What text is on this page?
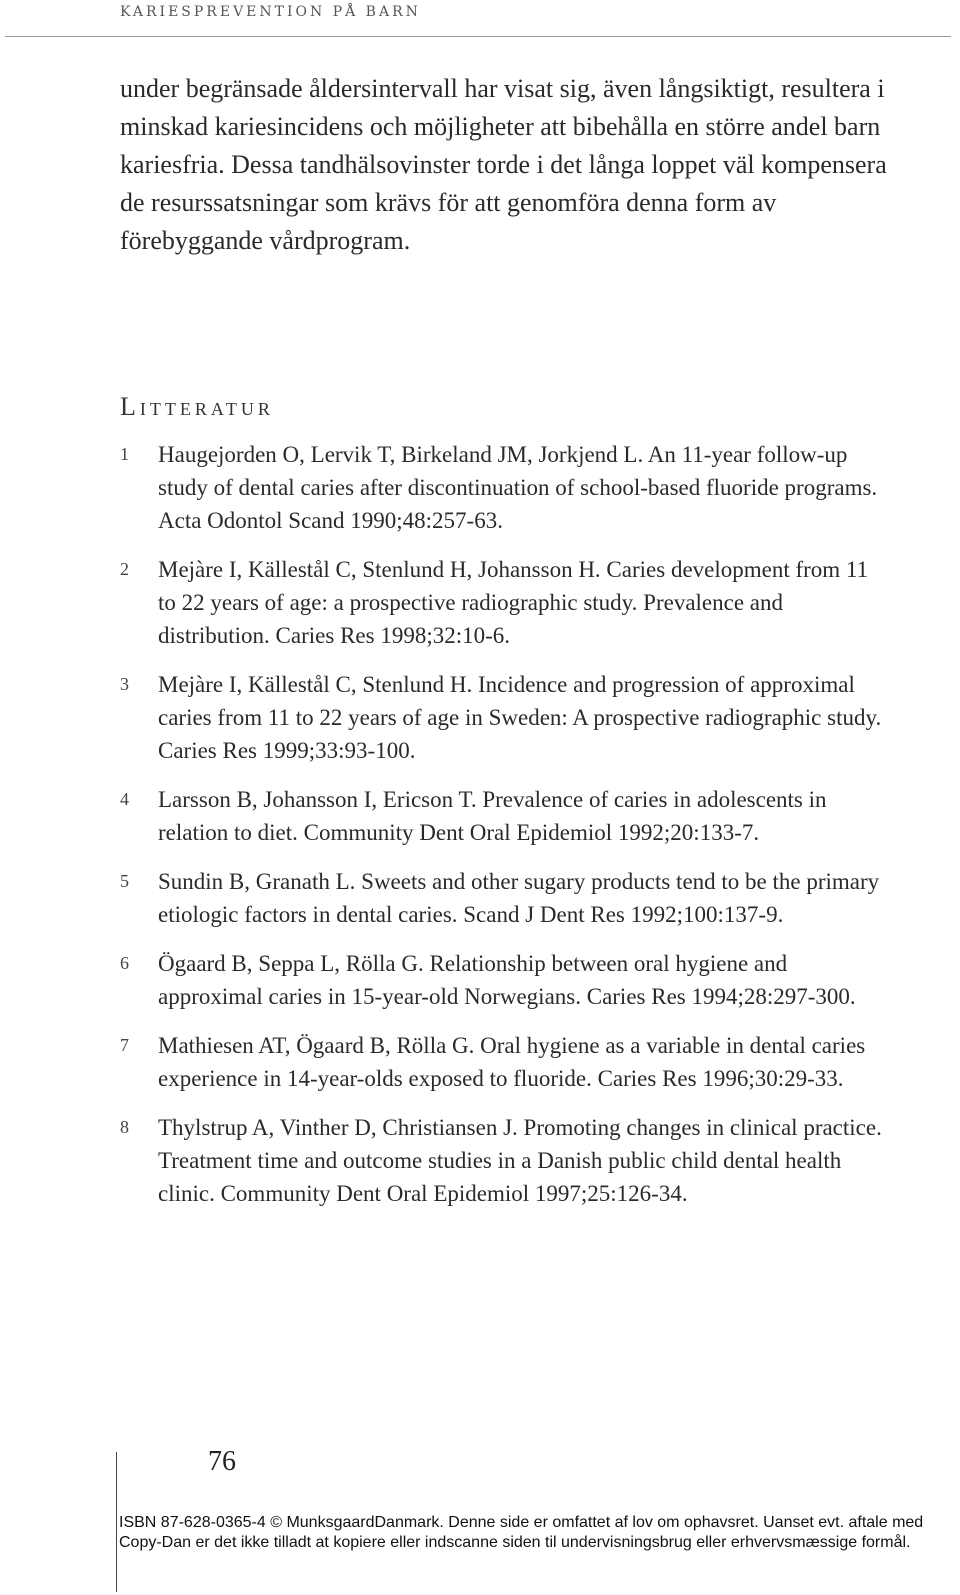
KARIESPREVENTION PÅ BARN

under begränsade åldersintervall har visat sig, även långsiktigt, resultera i minskad kariesincidens och möjligheter att bibehålla en större andel barn kariesfria. Dessa tandhälsovinster torde i det långa loppet väl kompensera de resurssatsningar som krävs för att genomföra denna form av förebyggande vårdprogram.

Litteratur
1	Haugejorden O, Lervik T, Birkeland JM, Jorkjend L. An 11-year follow-up study of dental caries after discontinuation of school-based fluoride programs. Acta Odontol Scand 1990;48:257-63.
2	Mejàre I, Källestål C, Stenlund H, Johansson H. Caries development from 11 to 22 years of age: a prospective radiographic study. Prevalence and distribution. Caries Res 1998;32:10-6.
3	Mejàre I, Källestål C, Stenlund H. Incidence and progression of approximal caries from 11 to 22 years of age in Sweden: A prospective radiographic study. Caries Res 1999;33:93-100.
4	Larsson B, Johansson I, Ericson T. Prevalence of caries in adolescents in relation to diet. Community Dent Oral Epidemiol 1992;20:133-7.
5	Sundin B, Granath L. Sweets and other sugary products tend to be the primary etiologic factors in dental caries. Scand J Dent Res 1992;100:137-9.
6	Ögaard B, Seppa L, Rölla G. Relationship between oral hygiene and approximal caries in 15-year-old Norwegians. Caries Res 1994;28:297-300.
7	Mathiesen AT, Ögaard B, Rölla G. Oral hygiene as a variable in dental caries experience in 14-year-olds exposed to fluoride. Caries Res 1996;30:29-33.
8	Thylstrup A, Vinther D, Christiansen J. Promoting changes in clinical practice. Treatment time and outcome studies in a Danish public child dental health clinic. Community Dent Oral Epidemiol 1997;25:126-34.
76
ISBN 87-628-0365-4 © MunksgaardDanmark. Denne side er omfattet af lov om ophavsret. Uanset evt. aftale med
Copy-Dan er det ikke tilladt at kopiere eller indscanne siden til undervisningsbrug eller erhvervsmæssige formål.
